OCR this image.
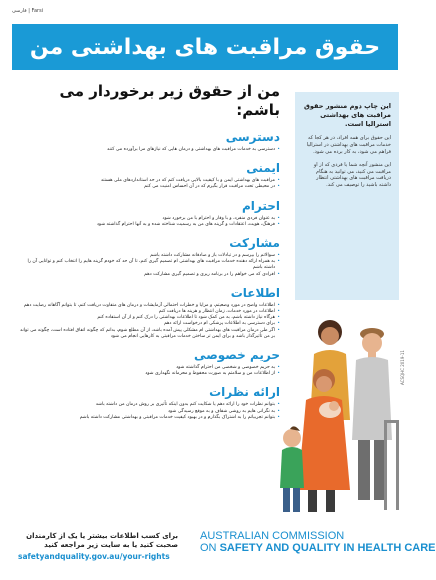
فارسی | Farsi
حقوق مراقبت های بهداشتی من
من از حقوق زیر برخوردار می باشم:
دسترسی
• دسترسی به خدمات مراقبت های بهداشتی و درمان هایی که نیازهای مرا برآورده می کنند
ایمنی
• مراقبت های بهداشتی ایمن و با کیفیت بالایی دریافت کنم که در حد استانداردهای ملی هستند
• در محیطی تحت مراقبت قرار بگیرم که در آن احساس امنیت می کنم
احترام
• به عنوان فردی منفرد، و با وقار و احترام با من برخورد شود
• فرهنگ، هویت، اعتقادات و گزینه های من به رسمیت شناخته شده و به آنها احترام گذاشته شود
مشارکت
• سوالاتم را بپرسم و در تبادلات باز و صادقانه مشارکت داشته باشم
• به همراه ارائه دهنده خدمات مراقبت های بهداشتی ام تصمیم گیری کنم، تا آن حد که خودم گزینه هایم را انتخاب کنم و توانایی آن را داشته باشم
• افرادی که می خواهم را در برنامه ریزی و تصمیم گیری مشارکت دهم
اطلاعات
• اطلاعات واضح در مورد وضعیتم، و مزایا و خطرات احتمالی آزمایشات و درمان های متفاوت دریافت کنم، تا بتوانم آگاهانه رضایت دهم
• اطلاعات در مورد خدمات، زمان انتظار و هزینه ها دریافت کنم
• هرگاه نیاز داشته باشم، به من کمک شود تا اطلاعات بهداشتی را درک کنم و از آن استفاده کنم
• برای دسترسی به اطلاعات پزشکی ام درخواست ارائه دهم
• اگر طی درمان مراقبت های بهداشتی ام مشکلی پیش آمده باشد، از آن مطلع شوم، بدانم که چگونه اتفاق افتاده است، چگونه می تواند بر من تأثیرگذار باشد و برای ایمن تر ساختن خدمات مراقبتی به کارهایی انجام می شود
حریم خصوصی
• به حریم خصوصی و شخصی من احترام گذاشته شود
• از اطلاعات من و سلامتم به صورت محفوظ و محرمانه نگهداری شود
ارائه نظرات
• بتوانم نظرات خود را ارائه دهم یا شکایت کنم بدون اینکه تأثیری بر روش درمان من داشته باشد
• به نگرانی هایم به روشی شفاف و به موقع رسیدگی شود
• بتوانم تجربیاتم را به اشتراک بگذارم و در بهبود کیفیت خدمات مراقبتی و بهداشتی مشارکت داشته باشم

این چاپ دوم منشور حقوق مراقبت های بهداشتی استرالیا است.

این حقوق برای همه افراد، در هر کجا که خدمات مراقبت های بهداشتی در استرالیا فراهم می شود، به کار برده می شود.

این منشور آنچه شما یا فردی که از او مراقبت می کنید، می توانید به هنگام دریافت مراقبت های بهداشتی انتظار داشته باشید را توصیف می کند.

ACSQHC 2019-11

برای کسب اطلاعات بیشتر یا یک از کارمندان صحبت کنید یا به سایت زیر مراجعه کنید

safetyandquality.gov.au/your-rights
AUSTRALIAN COMMISSION
ON SAFETY AND QUALITY IN HEALTH CARE
